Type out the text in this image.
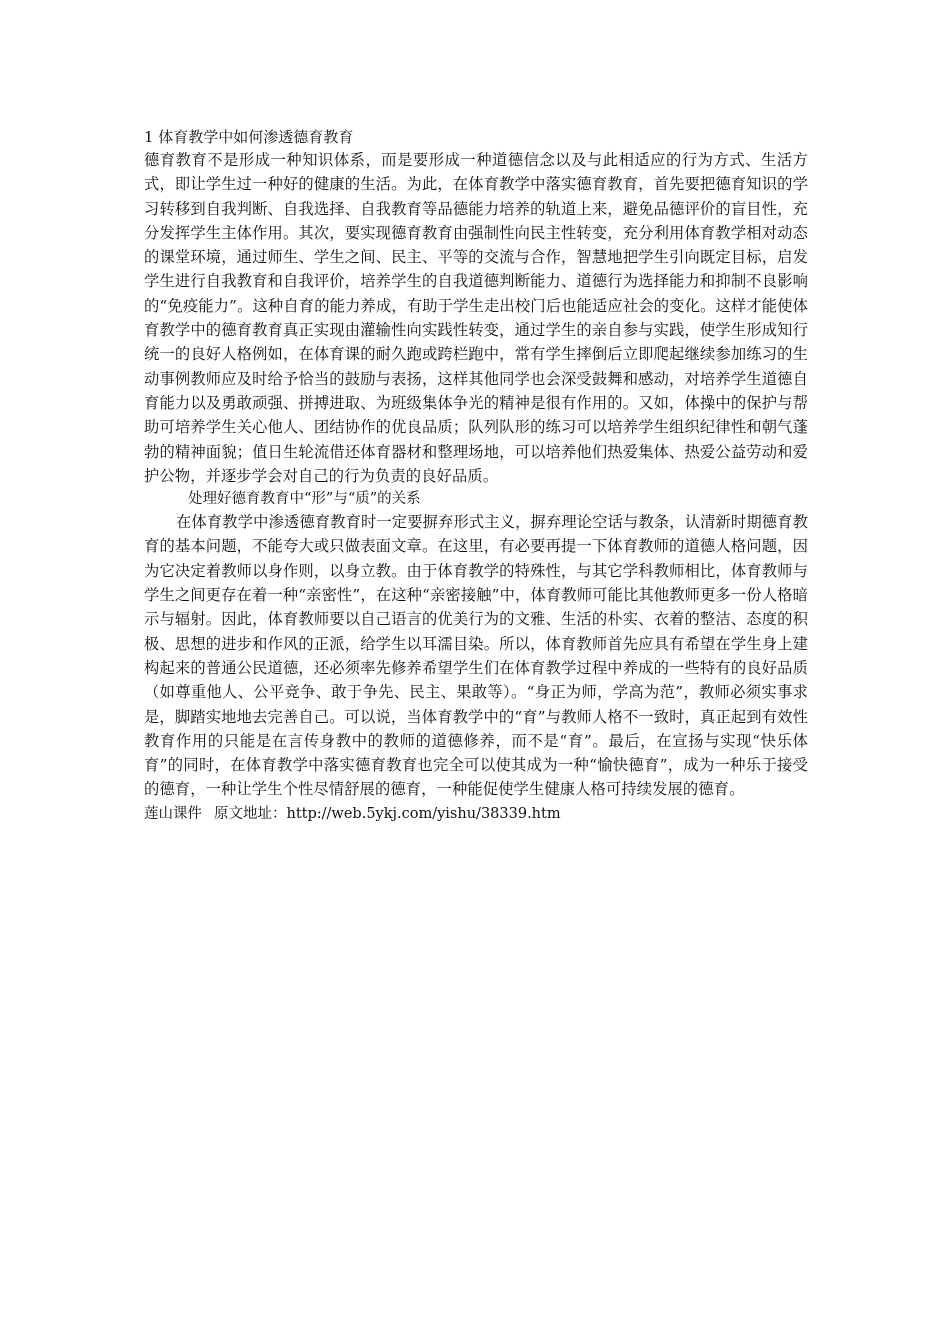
1 体育教学中如何渗透德育教育

德育教育不是形成一种知识体系，而是要形成一种道德信念以及与此相适应的行为方式、生活方式，即让学生过一种好的健康的生活。为此，在体育教学中落实德育教育，首先要把德育知识的学习转移到自我判断、自我选择、自我教育等品德能力培养的轨道上来，避免品德评价的盲目性，充分发挥学生主体作用。其次，要实现德育教育由强制性向民主性转变，充分利用体育教学相对动态的课堂环境，通过师生、学生之间、民主、平等的交流与合作，智慧地把学生引向既定目标，启发学生进行自我教育和自我评价，培养学生的自我道德判断能力、道德行为选择能力和抑制不良影响的“免疫能力”。这种自育的能力养成，有助于学生走出校门后也能适应社会的变化。这样才能使体育教学中的德育教育真正实现由灌输性向实践性转变，通过学生的亲自参与实践，使学生形成知行统一的良好人格例如，在体育课的耐久跑或跨栏跑中，常有学生摔倒后立即爬起继续参加练习的生动事例教师应及时给予恰当的鼓励与表扬，这样其他同学也会深受鼓舞和感动，对培养学生道德自育能力以及勇敢顽强、拼搏进取、为班级集体争光的精神是很有作用的。又如，体操中的保护与帮助可培养学生关心他人、团结协作的优良品质；队列队形的练习可以培养学生组织纪律性和朝气蓬勃的精神面貌；值日生轮流借还体育器材和整理场地，可以培养他们热爱集体、热爱公益劳动和爱护公物，并逐步学会对自己的行为负责的良好品质。

处理好德育教育中“形”与“质”的关系

在体育教学中渗透德育教育时一定要摒弃形式主义，摒弃理论空话与教条，认清新时期德育教育的基本问题，不能夸大或只做表面文章。在这里，有必要再提一下体育教师的道德人格问题，因为它决定着教师以身作则，以身立教。由于体育教学的特殊性，与其它学科教师相比，体育教师与学生之间更存在着一种“亲密性”，在这种“亲密接触”中，体育教师可能比其他教师更多一份人格暗示与辐射。因此，体育教师要以自己语言的优美行为的文雅、生活的朴实、衣着的整洁、态度的积极、思想的进步和作风的正派，给学生以耳濡目染。所以，体育教师首先应具有希望在学生身上建构起来的普通公民道德，还必须率先修养希望学生们在体育教学过程中养成的一些特有的良好品质（如尊重他人、公平竞争、敢于争先、民主、果敢等）。“身正为师，学高为范”，教师必须实事求是，脚踏实地地去完善自己。可以说，当体育教学中的“育”与教师人格不一致时，真正起到有效性教育作用的只能是在言传身教中的教师的道德修养，而不是“育”。最后，在宣扬与实现“快乐体育”的同时，在体育教学中落实德育教育也完全可以使其成为一种“愉快德育”，成为一种乐于接受的德育，一种让学生个性尽情舒展的德育，一种能促使学生健康人格可持续发展的德育。

莲山课件 原文地址：http://web.5ykj.com/yishu/38339.htm
